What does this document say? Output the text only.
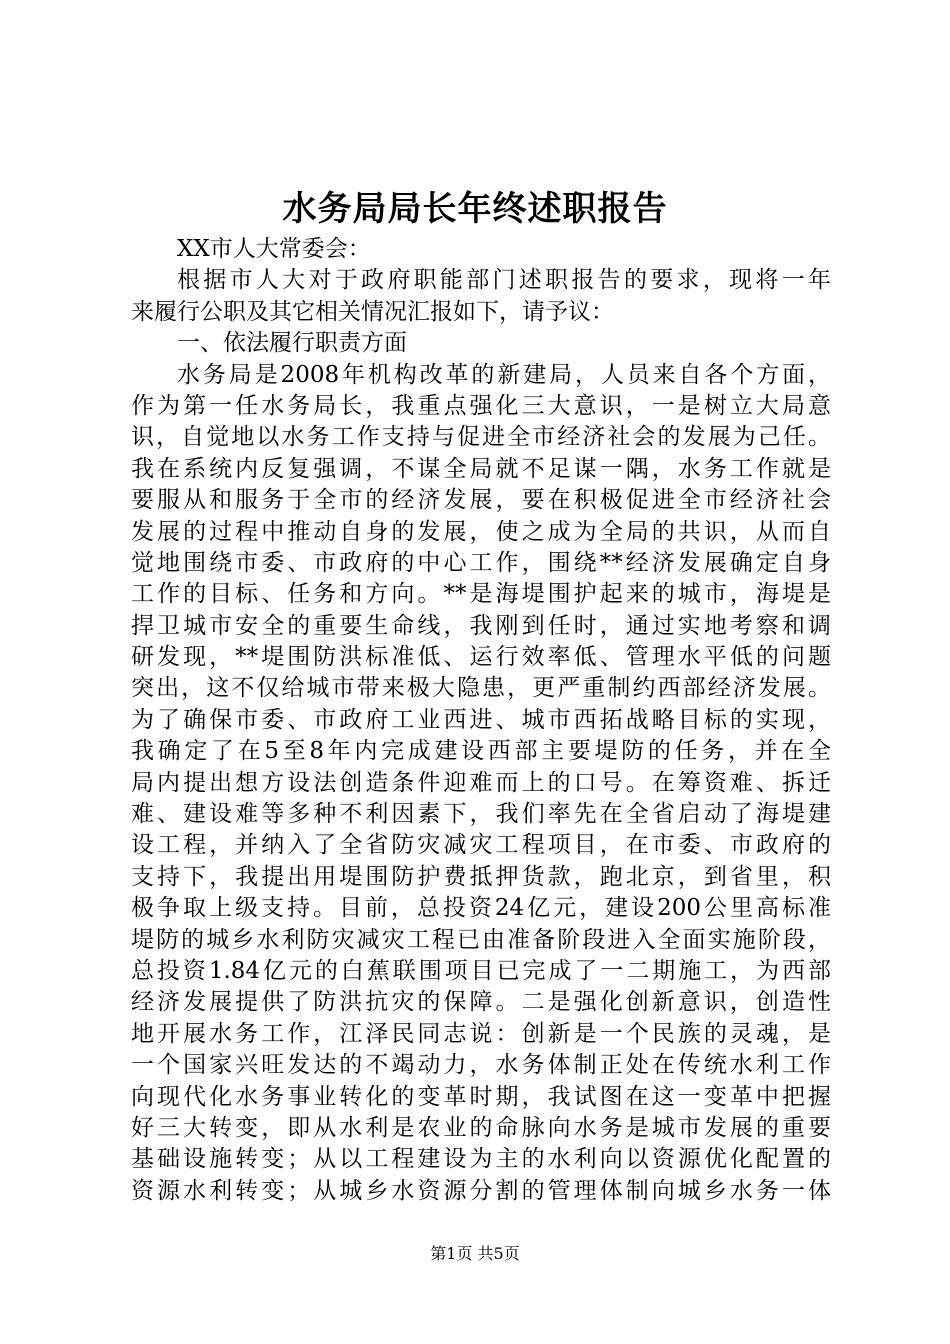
水务局局长年终述职报告
XX市人大常委会：
根据市人大对于政府职能部门述职报告的要求，现将一年
来履行公职及其它相关情况汇报如下，请予议：
一、依法履行职责方面
水务局是2008年机构改革的新建局，人员来自各个方面，
作为第一任水务局长，我重点强化三大意识，一是树立大局意
识，自觉地以水务工作支持与促进全市经济社会的发展为己任。
我在系统内反复强调，不谋全局就不足谋一隅，水务工作就是
要服从和服务于全市的经济发展，要在积极促进全市经济社会
发展的过程中推动自身的发展，使之成为全局的共识，从而自
觉地围绕市委、市政府的中心工作，围绕**经济发展确定自身
工作的目标、任务和方向。**是海堤围护起来的城市，海堤是
捍卫城市安全的重要生命线，我刚到任时，通过实地考察和调
研发现，**堤围防洪标准低、运行效率低、管理水平低的问题
突出，这不仅给城市带来极大隐患，更严重制约西部经济发展。
为了确保市委、市政府工业西进、城市西拓战略目标的实现，
我确定了在5至8年内完成建设西部主要堤防的任务，并在全
局内提出想方设法创造条件迎难而上的口号。在筹资难、拆迁
难、建设难等多种不利因素下，我们率先在全省启动了海堤建
设工程，并纳入了全省防灾减灾工程项目，在市委、市政府的
支持下，我提出用堤围防护费抵押货款，跑北京，到省里，积
极争取上级支持。目前，总投资24亿元，建设200公里高标准
堤防的城乡水利防灾减灾工程已由准备阶段进入全面实施阶段，
总投资1.84亿元的白蕉联围项目已完成了一二期施工，为西部
经济发展提供了防洪抗灾的保障。二是强化创新意识，创造性
地开展水务工作，江泽民同志说：创新是一个民族的灵魂，是
一个国家兴旺发达的不竭动力，水务体制正处在传统水利工作
向现代化水务事业转化的变革时期，我试图在这一变革中把握
好三大转变，即从水利是农业的命脉向水务是城市发展的重要
基础设施转变；从以工程建设为主的水利向以资源优化配置的
资源水利转变；从城乡水资源分割的管理体制向城乡水务一体
第1页 共5页
